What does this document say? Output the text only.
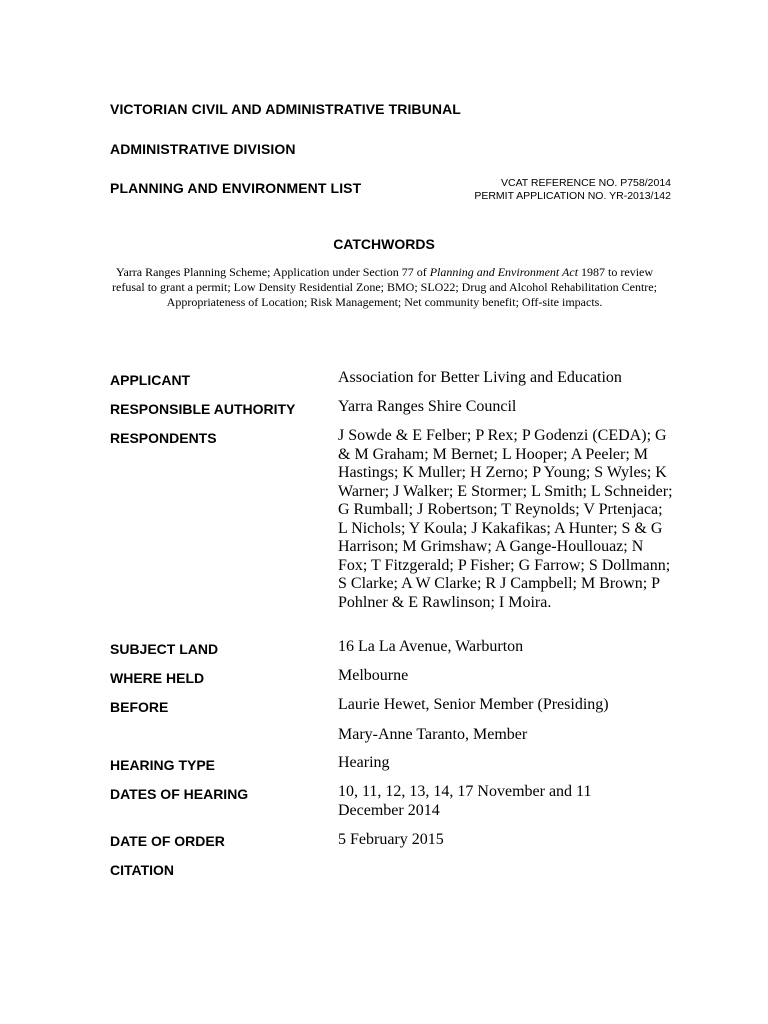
VICTORIAN CIVIL AND ADMINISTRATIVE TRIBUNAL
ADMINISTRATIVE DIVISION
PLANNING AND ENVIRONMENT LIST	VCAT REFERENCE NO. P758/2014
PERMIT APPLICATION NO. YR-2013/142
CATCHWORDS
Yarra Ranges Planning Scheme; Application under Section 77 of Planning and Environment Act 1987 to review refusal to grant a permit; Low Density Residential Zone; BMO; SLO22; Drug and Alcohol Rehabilitation Centre; Appropriateness of Location; Risk Management; Net community benefit; Off-site impacts.
APPLICANT	Association for Better Living and Education
RESPONSIBLE AUTHORITY	Yarra Ranges Shire Council
RESPONDENTS	J Sowde & E Felber; P Rex; P Godenzi (CEDA); G & M Graham; M Bernet; L Hooper; A Peeler; M Hastings; K Muller; H Zerno; P Young; S Wyles; K Warner; J Walker; E Stormer; L Smith; L Schneider; G Rumball; J Robertson; T Reynolds; V Prtenjaca; L Nichols; Y Koula; J Kakafikas; A Hunter; S & G Harrison; M Grimshaw; A Gange-Houllouaz; N Fox; T Fitzgerald; P Fisher; G Farrow; S Dollmann; S Clarke; A W Clarke; R J Campbell; M Brown; P Pohlner & E Rawlinson; I Moira.
SUBJECT LAND	16 La La Avenue, Warburton
WHERE HELD	Melbourne
BEFORE	Laurie Hewet, Senior Member (Presiding)
Mary-Anne Taranto, Member
HEARING TYPE	Hearing
DATES OF HEARING	10, 11, 12, 13, 14, 17 November and 11 December 2014
DATE OF ORDER	5 February 2015
CITATION
